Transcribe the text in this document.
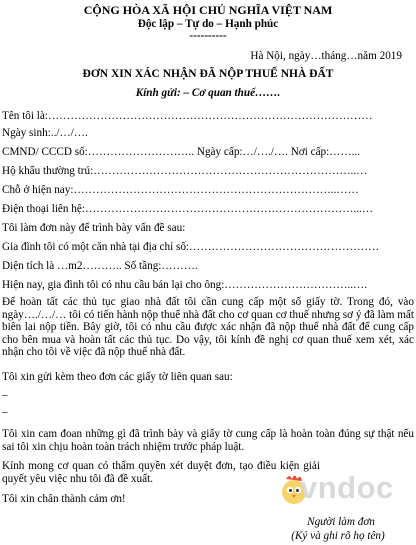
CỘNG HÒA XÃ HỘI CHỦ NGHĨA VIỆT NAM
Độc lập – Tự do – Hạnh phúc
----------
Hà Nội, ngày…tháng…năm 2019
ĐƠN XIN XÁC NHẬN ĐÃ NỘP THUẾ NHÀ ĐẤT
Kính gửi: – Cơ quan thuế…….
Tên tôi là:……………………………………………………………………………
Ngày sinh:../…/….
CMND/ CCCD số:……………………….. Ngày cấp:…/…./…. Nơi cấp:……...
Hộ khẩu thường trú:……………………………………………………………..…
Chỗ ở hiện nay:……………………………………………………………..……
Điện thoại liên hệ:………………………………………………………………...…
Tôi làm đơn này để trình bày vấn đề sau:
Gia đình tôi có một căn nhà tại địa chỉ số:……………………………………………
Diện tích là …m2……….. Số tầng:……….
Hiện nay, gia đình tôi có nhu cầu bán lại cho ông:……………………………..….
Để hoàn tất các thủ tục giao nhà đất tôi cần cung cấp một số giấy tờ. Trong đó, vào ngày…./…/… tôi có tiến hành nộp thuế nhà đất cho cơ quan cơ thuế nhưng sơ ý đã làm mất biên lai nộp tiền. Bây giờ, tôi có nhu cầu được xác nhận đã nộp thuế nhà đất để cung cấp cho bên mua và hoàn tất các thủ tục. Do vậy, tôi kính đề nghị cơ quan thuế xem xét, xác nhận cho tôi về việc đã nộp thuế nhà đất.
Tôi xin gửi kèm theo đơn các giấy tờ liên quan sau:
–
–
Tôi xin cam đoan những gì đã trình bày và giấy tờ cung cấp là hoàn toàn đúng sự thật nếu sai tôi xin chịu hoàn toàn trách nhiệm trước pháp luật.
Kính mong cơ quan có thẩm quyền xét duyệt đơn, tạo điều kiện giải quyết yêu việc nhu tôi đã đề xuất.
Tôi xin chân thành cảm ơn!	vndoc
Người làm đơn
(Ký và ghi rõ họ tên)
